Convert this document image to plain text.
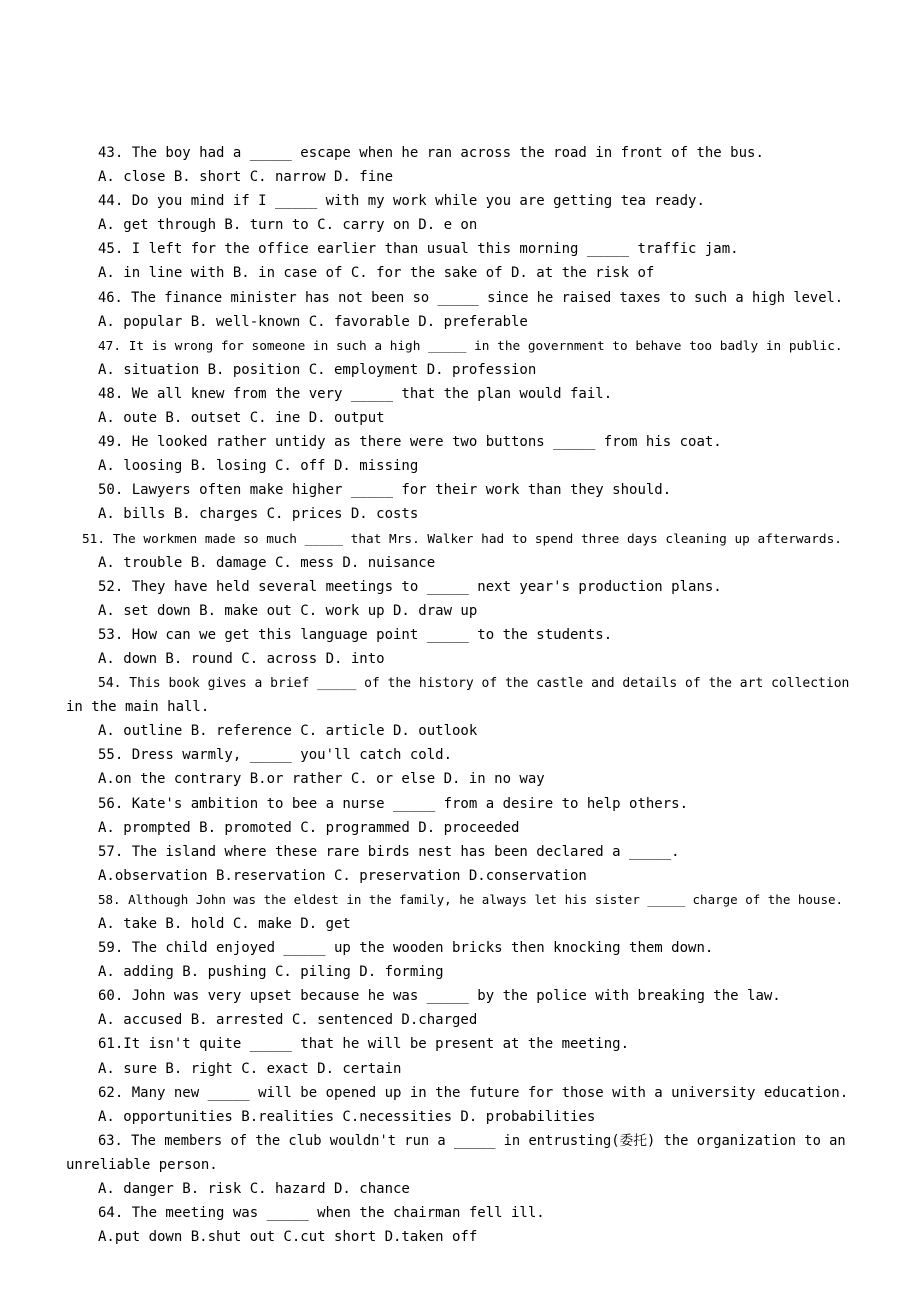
43. The boy had a _____ escape when he ran across the road in front of the bus.
A. close B. short C. narrow D. fine
44. Do you mind if I _____ with my work while you are getting tea ready.
A. get through B. turn to C. carry on D. e on
45. I left for the office earlier than usual this morning _____ traffic jam.
A. in line with B. in case of C. for the sake of D. at the risk of
46. The finance minister has not been so _____ since he raised taxes to such a high level.
A. popular B. well-known C. favorable D. preferable
47. It is wrong for someone in such a high _____ in the government to behave too badly in public.
A. situation B. position C. employment D. profession
48. We all knew from the very _____ that the plan would fail.
A. oute B. outset C. ine D. output
49. He looked rather untidy as there were two buttons _____ from his coat.
A. loosing B. losing C. off D. missing
50. Lawyers often make higher _____ for their work than they should.
A. bills B. charges C. prices D. costs
51. The workmen made so much _____ that Mrs. Walker had to spend three days cleaning up afterwards.
A. trouble B. damage C. mess D. nuisance
52. They have held several meetings to _____ next year's production plans.
A. set down B. make out C. work up D. draw up
53. How can we get this language point _____ to the students.
A. down B. round C. across D. into
54. This book gives a brief _____ of the history of the castle and details of the art collection
in the main hall.
A. outline B. reference C. article D. outlook
55. Dress warmly, _____ you'll catch cold.
A.on the contrary B.or rather C. or else D. in no way
56. Kate's ambition to bee a nurse _____ from a desire to help others.
A. prompted B. promoted C. programmed D. proceeded
57. The island where these rare birds nest has been declared a _____.
A.observation B.reservation C. preservation D.conservation
58. Although John was the eldest in the family, he always let his sister _____ charge of the house.
A. take B. hold C. make D. get
59. The child enjoyed _____ up the wooden bricks then knocking them down.
A. adding B. pushing C. piling D. forming
60. John was very upset because he was _____ by the police with breaking the law.
A. accused B. arrested C. sentenced D.charged
61.It isn't quite _____ that he will be present at the meeting.
A. sure B. right C. exact D. certain
62. Many new _____ will be opened up in the future for those with a university education.
A. opportunities B.realities C.necessities D. probabilities
63. The members of the club wouldn't run a _____ in entrusting(委托) the organization to an
unreliable person.
A. danger B. risk C. hazard D. chance
64. The meeting was _____ when the chairman fell ill.
A.put down B.shut out C.cut short D.taken off
